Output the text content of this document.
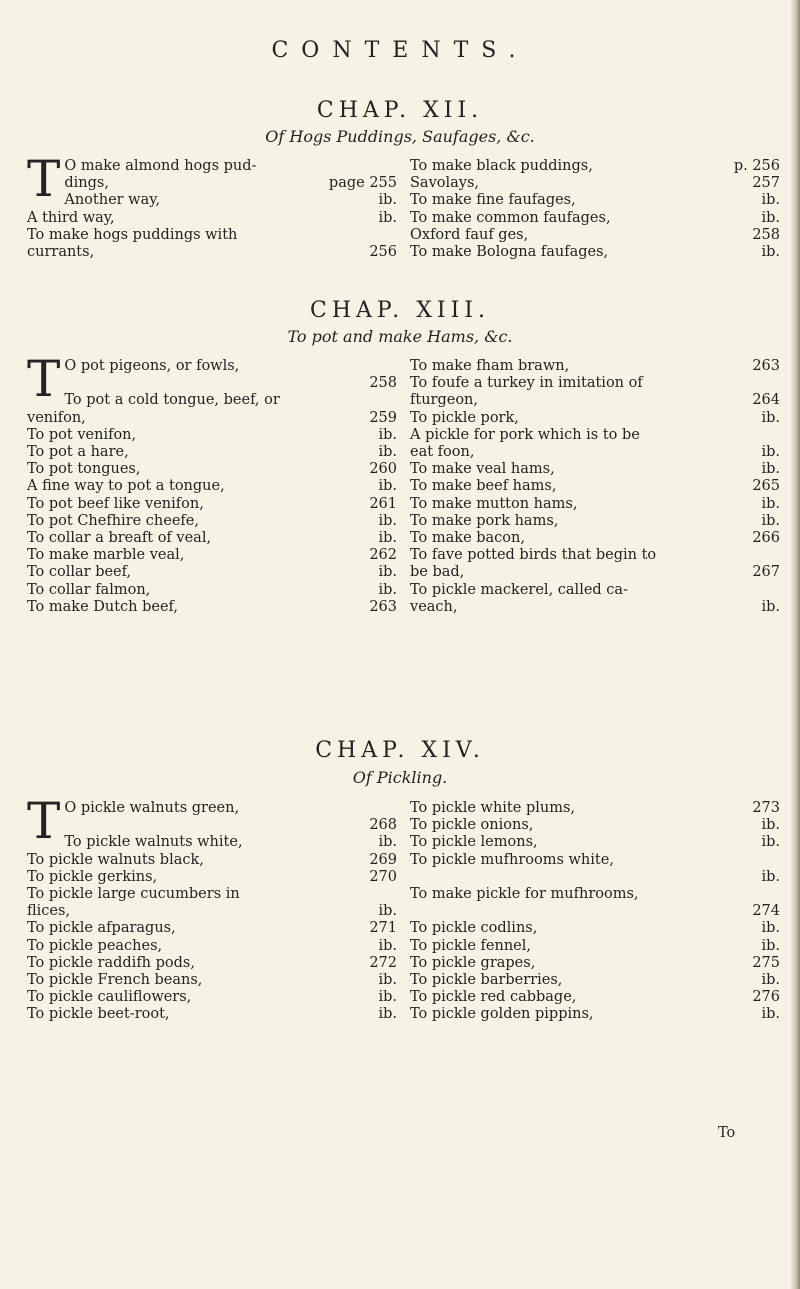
CONTENTS.
CHAP. XII.
Of Hogs Puddings, Saufages, &c.
T O make almond hogs pud-
dings,	page 255
Another way,	ib.
A third way,	ib.
To make hogs puddings with
currants,	256
To make black puddings,	p. 256
Savolays,	257
To make fine faufages,	ib.
To make common faufages,	ib.
Oxford fauf ges,	258
To make Bologna faufages,	ib.
CHAP. XIII.
To pot and make Hams, &c.
T O pot pigeons, or fowls,
258
To pot a cold tongue, beef, or
venifon,	259
To pot venifon,	ib.
To pot a hare,	ib.
To pot tongues,	260
A fine way to pot a tongue,	ib.
To pot beef like venifon,	261
To pot Chefhire cheefe,	ib.
To collar a breaft of veal,	ib.
To make marble veal,	262
To collar beef,	ib.
To collar falmon,	ib.
To make Dutch beef,	263
To make fham brawn,	263
To foufe a turkey in imitation of
fturgeon,	264
To pickle pork,	ib.
A pickle for pork which is to be
eat foon,	ib.
To make veal hams,	ib.
To make beef hams,	265
To make mutton hams,	ib.
To make pork hams,	ib.
To make bacon,	266
To fave potted birds that begin to
be bad,	267
To pickle mackerel, called ca-
veach,	ib.
CHAP. XIV.
Of Pickling.
T O pickle walnuts green,
268
To pickle walnuts white,	ib.
To pickle walnuts black,	269
To pickle gerkins,	270
To pickle large cucumbers in
flices,	ib.
To pickle afparagus,	271
To pickle peaches,	ib.
To pickle raddifh pods,	272
To pickle French beans,	ib.
To pickle cauliflowers,	ib.
To pickle beet-root,	ib.
To pickle white plums,	273
To pickle onions,	ib.
To pickle lemons,	ib.
To pickle mufhrooms white,
ib.
To make pickle for mufhrooms,
274
To pickle codlins,	ib.
To pickle fennel,	ib.
To pickle grapes,	275
To pickle barberries,	ib.
To pickle red cabbage,	276
To pickle golden pippins,	ib.
To
